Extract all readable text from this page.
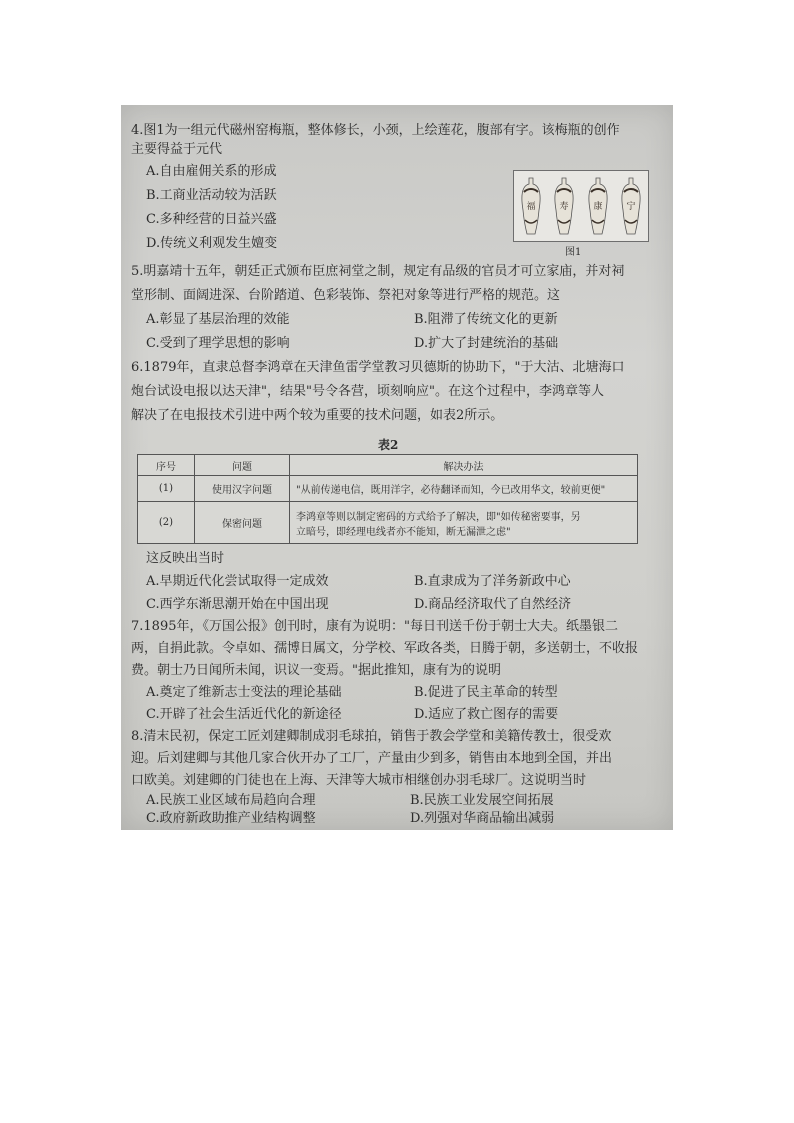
4.图1为一组元代磁州窑梅瓶，整体修长，小颈，上绘莲花，腹部有字。该梅瓶的创作
主要得益于元代
A.自由雇佣关系的形成
B.工商业活动较为活跃
C.多种经营的日益兴盛
D.传统义利观发生嬗变
福	寿	康	宁
图1
5.明嘉靖十五年，朝廷正式颁布臣庶祠堂之制，规定有品级的官员才可立家庙，并对祠
堂形制、面阔进深、台阶踏道、色彩装饰、祭祀对象等进行严格的规范。这
A.彰显了基层治理的效能	B.阻滞了传统文化的更新
C.受到了理学思想的影响	D.扩大了封建统治的基础
6.1879年，直隶总督李鸿章在天津鱼雷学堂教习贝德斯的协助下，"于大沽、北塘海口
炮台试设电报以达天津"，结果"号令各营，顷刻响应"。在这个过程中，李鸿章等人
解决了在电报技术引进中两个较为重要的技术问题，如表2所示。
表2
序号	问题	解决办法
(1)	使用汉字问题	"从前传递电信，既用洋字，必待翻译而知，今已改用华文，较前更便"
(2)	保密问题	李鸿章等则以制定密码的方式给予了解决，即"如传秘密要事，另
立暗号，即经理电线者亦不能知，断无漏泄之虑"
这反映出当时
A.早期近代化尝试取得一定成效	B.直隶成为了洋务新政中心
C.西学东渐思潮开始在中国出现	D.商品经济取代了自然经济
7.1895年，《万国公报》创刊时，康有为说明："每日刊送千份于朝士大夫。纸墨银二
两，自捐此款。令卓如、孺博日属文，分学校、军政各类，日腾于朝，多送朝士，不收报
费。朝士乃日闻所未闻，识议一变焉。"据此推知，康有为的说明
A.奠定了维新志士变法的理论基础	B.促进了民主革命的转型
C.开辟了社会生活近代化的新途径	D.适应了救亡图存的需要
8.清末民初，保定工匠刘建卿制成羽毛球拍，销售于教会学堂和美籍传教士，很受欢
迎。后刘建卿与其他几家合伙开办了工厂，产量由少到多，销售由本地到全国，并出
口欧美。刘建卿的门徒也在上海、天津等大城市相继创办羽毛球厂。这说明当时
A.民族工业区域布局趋向合理	B.民族工业发展空间拓展
C.政府新政助推产业结构调整	D.列强对华商品输出减弱
